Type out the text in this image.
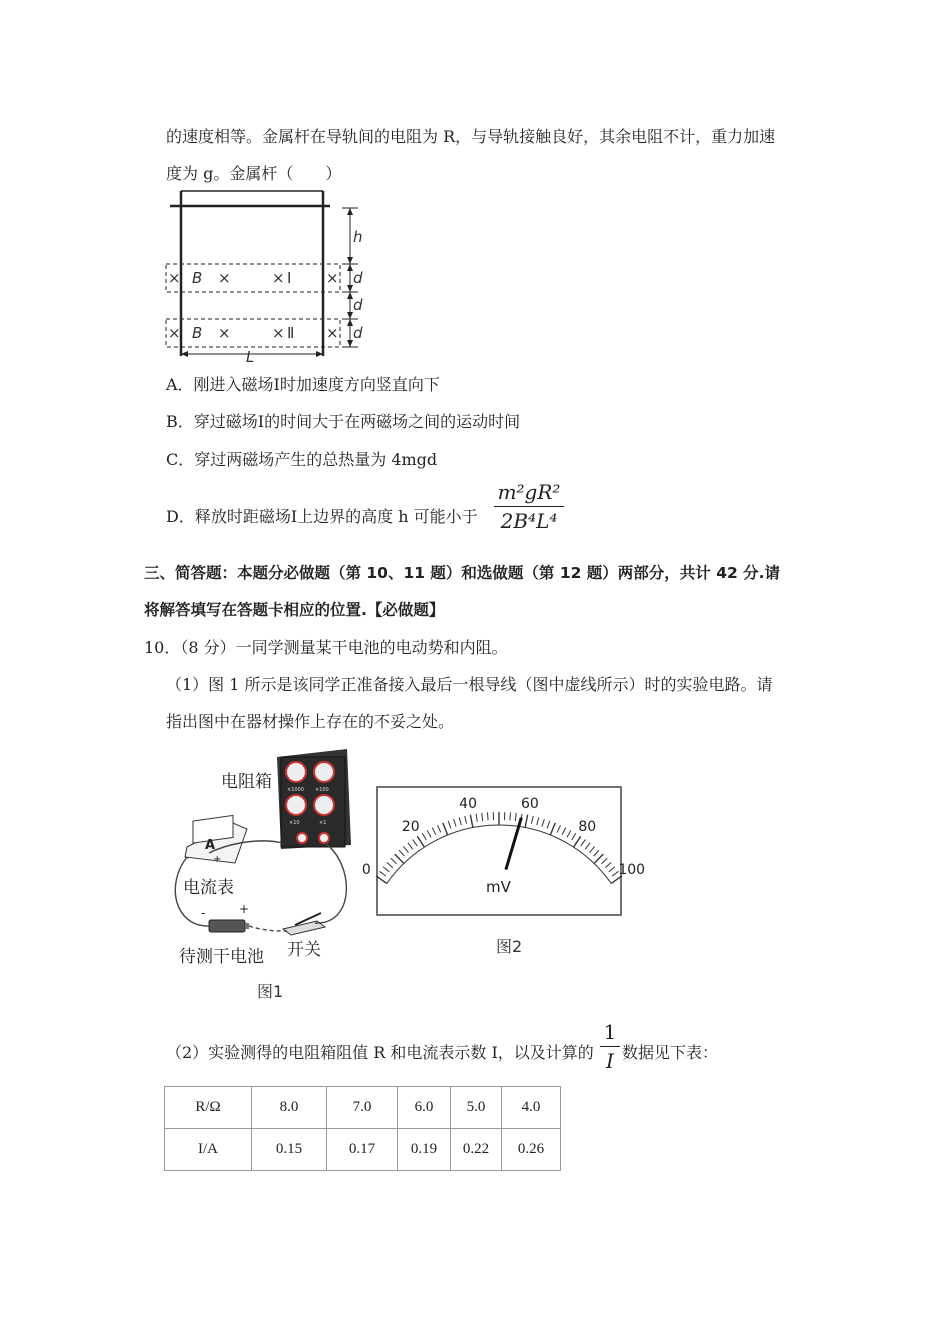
的速度相等。金属杆在导轨间的电阻为 R，与导轨接触良好，其余电阻不计，重力加速
度为 g。金属杆（　　）
h
d
d
d
× B ×	× Ⅰ ×
× B ×	× Ⅱ ×
L
A．刚进入磁场Ⅰ时加速度方向竖直向下
B．穿过磁场Ⅰ的时间大于在两磁场之间的运动时间
C．穿过两磁场产生的总热量为 4mgd
D．释放时距磁场Ⅰ上边界的高度 h 可能小于
m²gR²
2B⁴L⁴
三、简答题：本题分必做题（第 10、11 题）和选做题（第 12 题）两部分，共计 42 分.请
将解答填写在答题卡相应的位置.【必做题】
10．（8 分）一同学测量某干电池的电动势和内阻。
（1）图 1 所示是该同学正准备接入最后一根导线（图中虚线所示）时的实验电路。请
指出图中在器材操作上存在的不妥之处。
×1000 ×100
×10	×1
电阻箱
A
- +
电流表
-	+
待测干电池 开关
图1
0
20
40	60
80
100
mV
图2
（2）实验测得的电阻箱阻值 R 和电流表示数 I，以及计算的
1
I 数据见下表：
R/Ω	8.0	7.0	6.0	5.0	4.0
I/A	0.15	0.17	0.19	0.22	0.26
